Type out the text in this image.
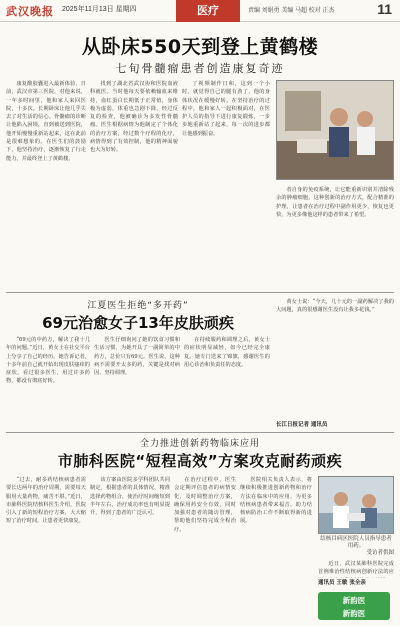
武汉晚报 2025年11月13日 星期四	医疗	责编 刘娟勇 美编 马超 校对 正杰	11
从卧床550天到登上黄鹤楼
七旬骨髓瘤患者创造康复奇迹

康复酸胶囊进入最新体验，日前，武汉市第三医院，对他来说，一年多时间里，他和家人来回医院，十多次。长期卧床让他几乎失去了对生活的信心。骨髓瘤的诊断让他陷入困境，直到被送到医院，他开始慢慢重新站起来，这在此前是很难想象的。在医生们的鼓励下，他坚持治疗，逐渐恢复了行走能力，并最终登上了黄鹤楼。

找到了湖北省武汉协和医院血液科就医。当时他每天要依赖输血来维持，血红蛋白长期低于正常值，身体极为虚弱，体重也急剧下降，经过反复的检查，他被确诊为多发性骨髓瘤。医生根据病情为他制定了个体化的治疗方案，经过数个疗程的化疗，病情得到了有效控制，他的精神面貌也大为好转。

了视频制作日和，这到一个小时，就觉得自己的腿有劲了，他的身体状况在缓慢好转。在坚持治疗的过程中，他和家人一起积极面对，在医护人员的指导下进行康复锻炼，一步步地重新站了起来，每一次的进步都让他感到振奋。

者自身的免疫系统，让它能重新识别并清除残余的肿瘤细胞。这种创新的治疗方式，配合精准的护理，让患者在治疗过程中副作用更少，恢复也更快，为更多像他这样的患者带来了希望。

江夏医生拒绝“多开药”
69元治愈女子13年皮肤顽疾

“69元的中药方，解决了我十几年的问题。”近日，黄女士在社交平台上分享了自己的经历。她告诉记者，十多年前自己就开始出现皮肤瘙痒的症状，看过很多医生，用过许多药物，都没有彻底好转。

医生仔细询问了她的饮食习惯和生活习惯，为她开具了一副简单的中药方，总价只有69元。医生说，这种病不需要开太多的药，关键是找对病因，坚持调理。

在持续服药和调理之后，黄女士的症状明显减轻，如今已经完全康复。她专门送来了锦旗，感谢医生的用心诊治和负责任的态度。

黄女士说：“今天，几十元的一副药解决了我的大问题，真的很感谢医生没有让我多花钱。”

长江日报记者 通讯员
全力推进创新药物临床应用
市肺科医院“短程高效”方案攻克耐药顽疾

“过去，耐多药结核病患者需要长达两年的治疗周期，需要每天服用大量药物，痛苦不堪。”近日，市肺科医院结核科医生介绍，医院引入了新的短程治疗方案，大大缩短了治疗时间，让患者更快康复。

该方案由医院多学科团队共同制定，根据患者的具体情况，精准选择药物组合，使治疗时间缩短到半年左右，治疗成功率也有明显提升，得到了患者的广泛认可。

在治疗过程中，医生会定期评估患者的病情变化，及时调整治疗方案，确保用药安全有效，同时加强对患者的随访管理，帮助他们坚持完成全程治疗。

医院相关负责人表示，将继续积极推进创新药物和治疗方法在临床中的应用，为更多结核病患者带来福音，助力结核病防治工作不断取得新的进展。

结核目病区医院人员指导患者用药。
受访者供图

近日，武汉某肺科医院完成首例难治性结核病创新疗法的应

通讯员 王敏 张全亲
新韵医
新韵医
